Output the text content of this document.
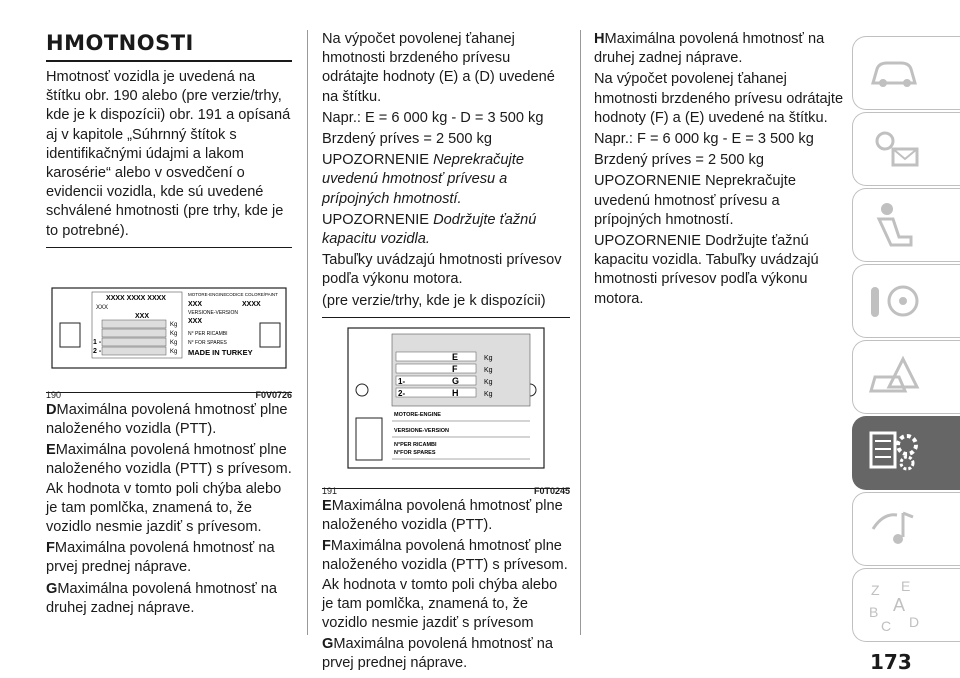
HMOTNOSTI

Hmotnosť vozidla je uvedená na štítku obr. 190 alebo (pre verzie/trhy, kde je k dispozícii) obr. 191 a opísaná aj v kapitole „Súhrnný štítok s identifikačnými údajmi a lakom karosérie“ alebo v osvedčení o evidencii vozidla, kde sú uvedené schválené hmotnosti (pre trhy, kde je to potrebné).

XXXX XXXX XXXX
XXX
XXX
Kg
Kg
Kg
Kg
1 -
2 -
MOTORE-ENGINE CODICE COLORE/PAINT
XXX	XXXX
VERSIONE-VERSION
XXX
N° PER RICAMBI
N° FOR SPARES
MADE IN TURKEY
190	F0V0726

DMaximálna povolená hmotnosť plne naloženého vozidla (PTT).

EMaximálna povolená hmotnosť plne naloženého vozidla (PTT) s prívesom. Ak hodnota v tomto poli chýba alebo je tam pomlčka, znamená to, že vozidlo nesmie jazdiť s prívesom.

FMaximálna povolená hmotnosť na prvej prednej náprave.

GMaximálna povolená hmotnosť na druhej zadnej náprave.

Na výpočet povolenej ťahanej hmotnosti brzdeného prívesu odrátajte hodnoty (E) a (D) uvedené na štítku.

Napr.: E = 6 000 kg - D = 3 500 kg

Brzdený príves = 2 500 kg

UPOZORNENIE Neprekračujte uvedenú hmotnosť prívesu a prípojných hmotností.

UPOZORNENIE Dodržujte ťažnú kapacitu vozidla.

Tabuľky uvádzajú hmotnosti prívesov podľa výkonu motora.

(pre verzie/trhy, kde je k dispozícii)

E
F
G
H
Kg
Kg
Kg
Kg
1-
2-
MOTORE-ENGINE
VERSIONE-VERSION
N°PER RICAMBI
N°FOR SPARES
191	F0T0245

EMaximálna povolená hmotnosť plne naloženého vozidla (PTT).

FMaximálna povolená hmotnosť plne naloženého vozidla (PTT) s prívesom. Ak hodnota v tomto poli chýba alebo je tam pomlčka, znamená to, že vozidlo nesmie jazdiť s prívesom

GMaximálna povolená hmotnosť na prvej prednej náprave.

HMaximálna povolená hmotnosť na druhej zadnej náprave.

Na výpočet povolenej ťahanej hmotnosti brzdeného prívesu odrátajte hodnoty (F) a (E) uvedené na štítku.

Napr.: F = 6 000 kg - E = 3 500 kg

Brzdený príves = 2 500 kg

UPOZORNENIE Neprekračujte uvedenú hmotnosť prívesu a prípojných hmotností.

UPOZORNENIE Dodržujte ťažnú kapacitu vozidla. Tabuľky uvádzajú hmotnosti prívesov podľa výkonu motora.

Z E
A
B
C D
173
